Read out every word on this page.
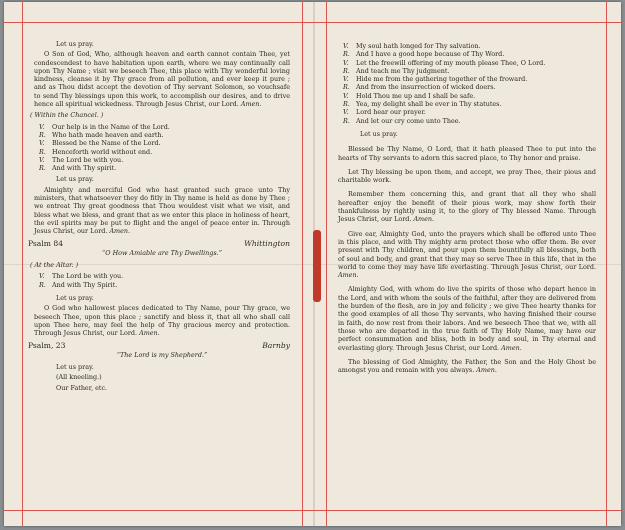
Let us pray.

O Son of God, Who, although heaven and earth cannot contain Thee, yet condescendest to have habitation upon earth, where we may continually call upon Thy Name ; visit we beseech Thee, this place with Thy wonderful loving kindness, cleanse it by Thy grace from all pollution, and ever keep it pure ; and as Thou didst accept the devotion of Thy servant Solomon, so vouchsafe to send Thy blessings upon this work, to accomplish our desires, and to drive hence all spiritual wickedness. Through Jesus Christ, our Lord. Amen.

( Within the Chancel. )

V. Our help is in the Name of the Lord.

R. Who hath made heaven and earth.

V. Blessed be the Name of the Lord.

R. Henceforth world without end.

V. The Lord be with you.

R. And with Thy spirit.

Let us pray.

Almighty and merciful God who hast granted such grace unto Thy ministers, that whatsoever they do fitly in Thy name is held as done by Thee ; we entreat Thy great goodness that Thou wouldest visit what we visit, and bless what we bless, and grant that as we enter this place in holiness of heart, the evil spirits may be put to flight and the angel of peace enter in. Through Jesus Christ, our Lord. Amen.

Psalm 84	Whittington

“O How Amiable are Thy Dwellings.”

( At the Altar. )

V. The Lord be with you.

R. And with Thy Spirit.

Let us pray.

O God who hallowest places dedicated to Thy Name, pour Thy grace, we beseech Thee, upon this place ; sanctify and bless it, that all who shall call upon Thee here, may feel the help of Thy gracious mercy and protection. Through Jesus Christ, our Lord. Amen.

Psalm, 23	Barnby

“The Lord is my Shepherd.”

Let us pray.

(All kneeling.)

Our Father, etc.

V. My soul hath longed for Thy salvation.

R. And I have a good hope because of Thy Word.

V. Let the freewill offering of my mouth please Thee, O Lord.

R. And teach me Thy judgment.

V. Hide me from the gathering together of the froward.

R. And from the insurrection of wicked doers.

V. Hold Thou me up and I shall be safe.

R. Yea, my delight shall be ever in Thy statutes.

V. Lord hear our prayer.

R. And let our cry come unto Thee.

Let us pray.

Blessed be Thy Name, O Lord, that it hath pleased Thee to put into the hearts of Thy servants to adorn this sacred place, to Thy honor and praise.

Let Thy blessing be upon them, and accept, we pray Thee, their pious and charitable work.

Remember them concerning this, and grant that all they who shall hereafter enjoy the benefit of their pious work, may show forth their thankfulness by rightly using it, to the glory of Thy blessed Name. Through Jesus Christ, our Lord. Amen.

Give ear, Almighty God, unto the prayers which shall be offered unto Thee in this place, and with Thy mighty arm protect those who offer them. Be ever present with Thy children, and pour upon them bountifully all blessings, both of soul and body, and grant that they may so serve Thee in this life, that in the world to come they may have life everlasting. Through Jesus Christ, our Lord. Amen.

Almighty God, with whom do live the spirits of those who depart hence in the Lord, and with whom the souls of the faithful, after they are delivered from the burden of the flesh, are in joy and felicity ; we give Thee hearty thanks for the good examples of all those Thy servants, who having finished their course in faith, do now rest from their labors. And we beseech Thee that we, with all those who are departed in the true faith of Thy Holy Name, may have our perfect consummation and bliss, both in body and soul, in Thy eternal and everlasting glory. Through Jesus Christ, our Lord. Amen.

The blessing of God Almighty, the Father, the Son and the Holy Ghost be amongst you and remain with you always. Amen.
